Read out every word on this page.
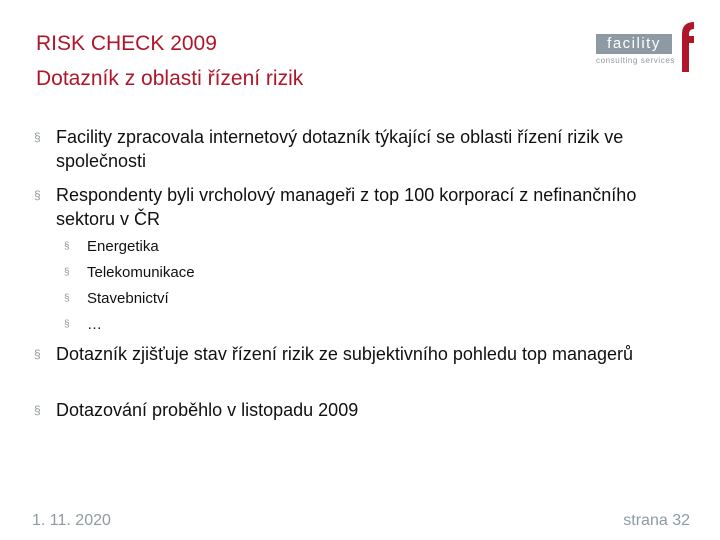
RISK CHECK 2009
Dotazník z oblasti řízení rizik
facility
consulting services
§ Facility zpracovala internetový dotazník týkající se oblasti řízení rizik ve společnosti
§ Respondenty byli vrcholový manageři z top 100 korporací z nefinančního sektoru v ČR
§ Energetika
§ Telekomunikace
§ Stavebnictví
§ …
§ Dotazník zjišťuje stav řízení rizik ze subjektivního pohledu top managerů
§ Dotazování proběhlo v listopadu 2009
1. 11. 2020	strana 32
